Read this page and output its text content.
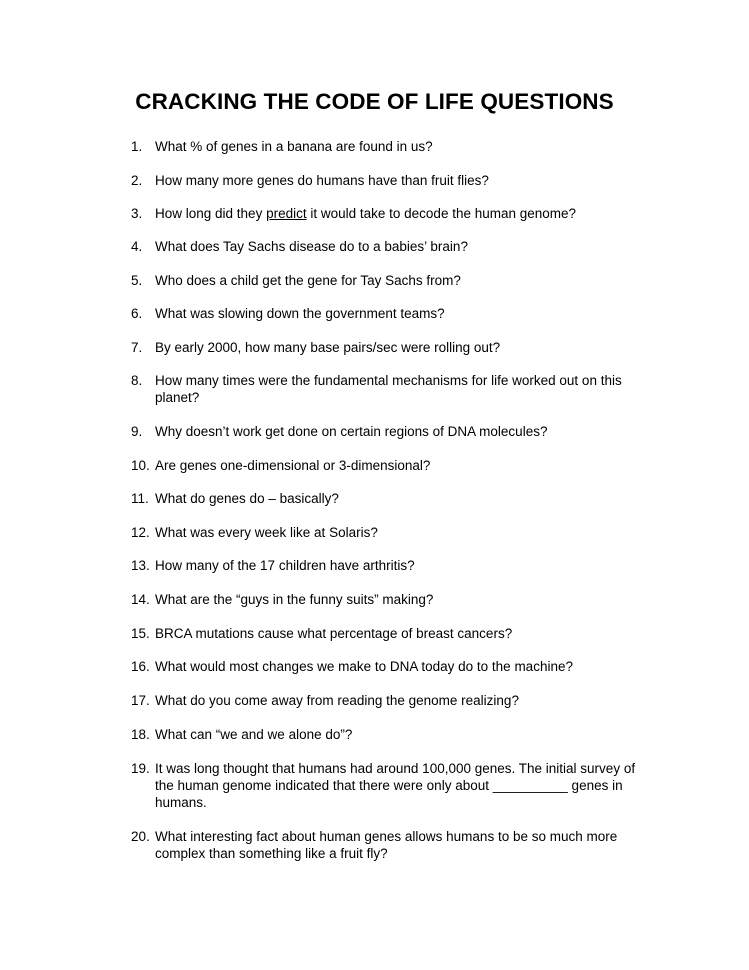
CRACKING THE CODE OF LIFE QUESTIONS
1. What % of genes in a banana are found in us?
2. How many more genes do humans have than fruit flies?
3. How long did they predict it would take to decode the human genome?
4. What does Tay Sachs disease do to a babies’ brain?
5. Who does a child get the gene for Tay Sachs from?
6. What was slowing down the government teams?
7. By early 2000, how many base pairs/sec were rolling out?
8. How many times were the fundamental mechanisms for life worked out on this planet?
9. Why doesn’t work get done on certain regions of DNA molecules?
10. Are genes one-dimensional or 3-dimensional?
11. What do genes do – basically?
12. What was every week like at Solaris?
13. How many of the 17 children have arthritis?
14. What are the “guys in the funny suits” making?
15. BRCA mutations cause what percentage of breast cancers?
16. What would most changes we make to DNA today do to the machine?
17. What do you come away from reading the genome realizing?
18. What can “we and we alone do”?
19. It was long thought that humans had around 100,000 genes. The initial survey of the human genome indicated that there were only about __________ genes in humans.
20. What interesting fact about human genes allows humans to be so much more complex than something like a fruit fly?
